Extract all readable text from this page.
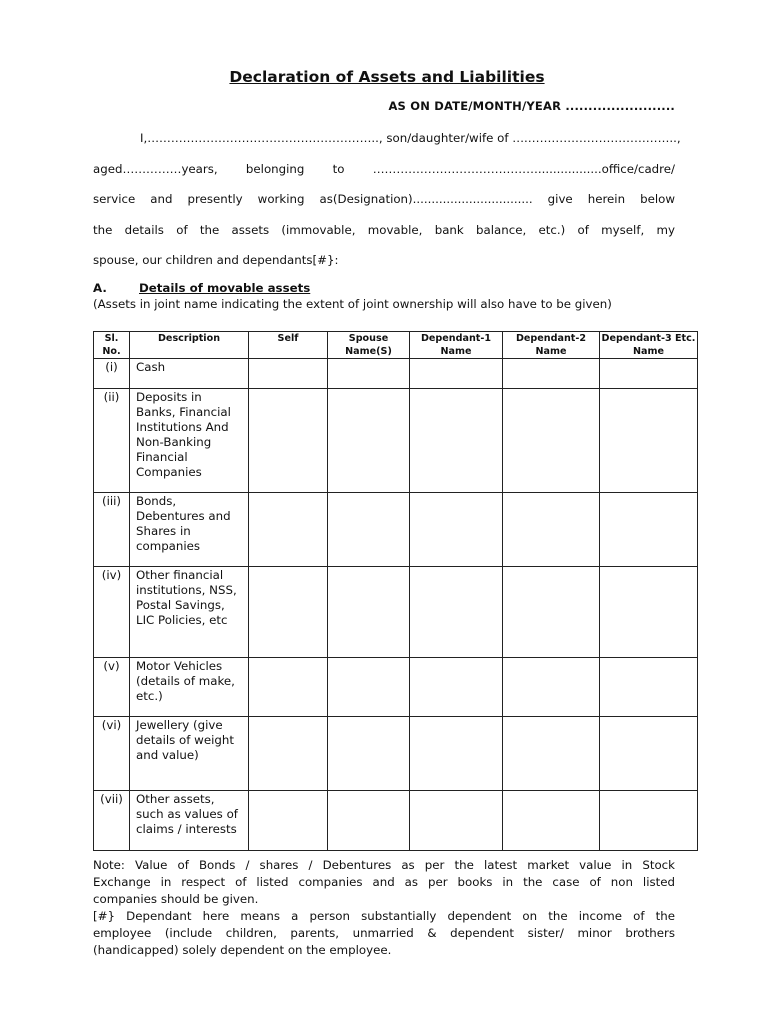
Declaration of Assets and Liabilities
AS ON DATE/MONTH/YEAR ........................
I,………………………………………………….., son/daughter/wife of ….………………………………..,
aged……………years, belonging to …………………………………….................office/cadre/
service and presently working as(Designation)................................ give herein below
the details of the assets (immovable, movable, bank balance, etc.) of myself, my
spouse, our children and dependants[#}:
A.	Details of movable assets
(Assets in joint name indicating the extent of joint ownership will also have to be given)
Sl. No.	Description	Self	Spouse Name(S)	Dependant-1 Name	Dependant-2 Name	Dependant-3 Etc. Name
(i)	Cash					
(ii)	Deposits in Banks, Financial Institutions And Non-Banking Financial Companies					
(iii)	Bonds, Debentures and Shares in companies					
(iv)	Other financial institutions, NSS, Postal Savings, LIC Policies, etc					
(v)	Motor Vehicles (details of make, etc.)					
(vi)	Jewellery (give details of weight and value)					
(vii)	Other assets, such as values of claims / interests					
Note: Value of Bonds / shares / Debentures as per the latest market value in Stock
Exchange in respect of listed companies and as per books in the case of non listed
companies should be given.
[#} Dependant here means a person substantially dependent on the income of the
employee (include children, parents, unmarried & dependent sister/ minor brothers
(handicapped) solely dependent on the employee.
